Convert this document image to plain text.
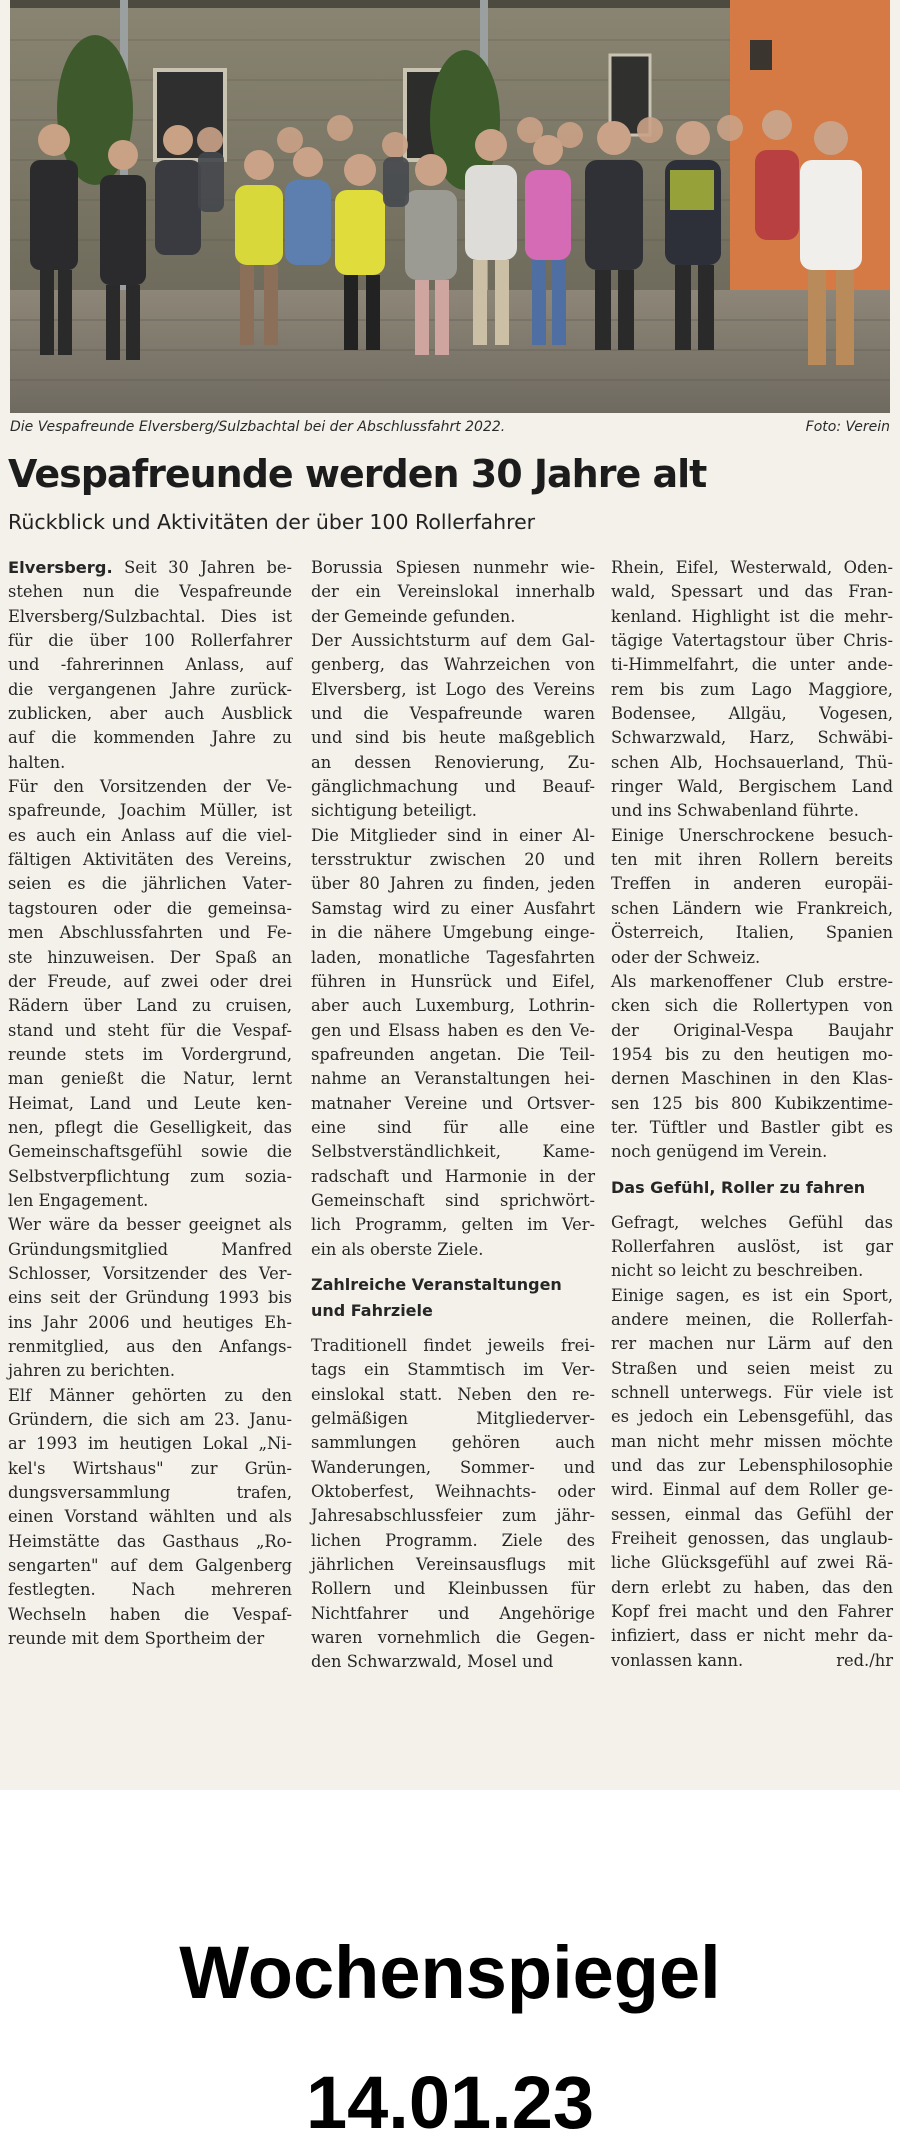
Die Vespafreunde Elversberg/Sulzbachtal bei der Abschlussfahrt 2022.	Foto: Verein
Vespafreunde werden 30 Jahre alt
Rückblick und Aktivitäten der über 100 Rollerfahrer
Elversberg. Seit 30 Jahren be-
stehen nun die Vespafreunde
Elversberg/Sulzbachtal. Dies ist
für die über 100 Rollerfahrer
und -fahrerinnen Anlass, auf
die vergangenen Jahre zurück-
zublicken, aber auch Ausblick
auf die kommenden Jahre zu
halten.
Für den Vorsitzenden der Ve-
spafreunde, Joachim Müller, ist
es auch ein Anlass auf die viel-
fältigen Aktivitäten des Vereins,
seien es die jährlichen Vater-
tagstouren oder die gemeinsa-
men Abschlussfahrten und Fe-
ste hinzuweisen. Der Spaß an
der Freude, auf zwei oder drei
Rädern über Land zu cruisen,
stand und steht für die Vespaf-
reunde stets im Vordergrund,
man genießt die Natur, lernt
Heimat, Land und Leute ken-
nen, pflegt die Geselligkeit, das
Gemeinschaftsgefühl sowie die
Selbstverpflichtung zum sozia-
len Engagement.
Wer wäre da besser geeignet als
Gründungsmitglied Manfred
Schlosser, Vorsitzender des Ver-
eins seit der Gründung 1993 bis
ins Jahr 2006 und heutiges Eh-
renmitglied, aus den Anfangs-
jahren zu berichten.
Elf Männer gehörten zu den
Gründern, die sich am 23. Janu-
ar 1993 im heutigen Lokal „Ni-
kel's Wirtshaus" zur Grün-
dungsversammlung trafen,
einen Vorstand wählten und als
Heimstätte das Gasthaus „Ro-
sengarten" auf dem Galgenberg
festlegten. Nach mehreren
Wechseln haben die Vespaf-
reunde mit dem Sportheim der
Borussia Spiesen nunmehr wie-
der ein Vereinslokal innerhalb
der Gemeinde gefunden.
Der Aussichtsturm auf dem Gal-
genberg, das Wahrzeichen von
Elversberg, ist Logo des Vereins
und die Vespafreunde waren
und sind bis heute maßgeblich
an dessen Renovierung, Zu-
gänglichmachung und Beauf-
sichtigung beteiligt.
Die Mitglieder sind in einer Al-
tersstruktur zwischen 20 und
über 80 Jahren zu finden, jeden
Samstag wird zu einer Ausfahrt
in die nähere Umgebung einge-
laden, monatliche Tagesfahrten
führen in Hunsrück und Eifel,
aber auch Luxemburg, Lothrin-
gen und Elsass haben es den Ve-
spafreunden angetan. Die Teil-
nahme an Veranstaltungen hei-
matnaher Vereine und Ortsver-
eine sind für alle eine
Selbstverständlichkeit, Kame-
radschaft und Harmonie in der
Gemeinschaft sind sprichwört-
lich Programm, gelten im Ver-
ein als oberste Ziele.
Zahlreiche Veranstaltungen
und Fahrziele
Traditionell findet jeweils frei-
tags ein Stammtisch im Ver-
einslokal statt. Neben den re-
gelmäßigen Mitgliederver-
sammlungen gehören auch
Wanderungen, Sommer- und
Oktoberfest, Weihnachts- oder
Jahresabschlussfeier zum jähr-
lichen Programm. Ziele des
jährlichen Vereinsausflugs mit
Rollern und Kleinbussen für
Nichtfahrer und Angehörige
waren vornehmlich die Gegen-
den Schwarzwald, Mosel und
Rhein, Eifel, Westerwald, Oden-
wald, Spessart und das Fran-
kenland. Highlight ist die mehr-
tägige Vatertagstour über Chris-
ti-Himmelfahrt, die unter ande-
rem bis zum Lago Maggiore,
Bodensee, Allgäu, Vogesen,
Schwarzwald, Harz, Schwäbi-
schen Alb, Hochsauerland, Thü-
ringer Wald, Bergischem Land
und ins Schwabenland führte.
Einige Unerschrockene besuch-
ten mit ihren Rollern bereits
Treffen in anderen europäi-
schen Ländern wie Frankreich,
Österreich, Italien, Spanien
oder der Schweiz.
Als markenoffener Club erstre-
cken sich die Rollertypen von
der Original-Vespa Baujahr
1954 bis zu den heutigen mo-
dernen Maschinen in den Klas-
sen 125 bis 800 Kubikzentime-
ter. Tüftler und Bastler gibt es
noch genügend im Verein.
Das Gefühl, Roller zu fahren
Gefragt, welches Gefühl das
Rollerfahren auslöst, ist gar
nicht so leicht zu beschreiben.
Einige sagen, es ist ein Sport,
andere meinen, die Rollerfah-
rer machen nur Lärm auf den
Straßen und seien meist zu
schnell unterwegs. Für viele ist
es jedoch ein Lebensgefühl, das
man nicht mehr missen möchte
und das zur Lebensphilosophie
wird. Einmal auf dem Roller ge-
sessen, einmal das Gefühl der
Freiheit genossen, das unglaub-
liche Glücksgefühl auf zwei Rä-
dern erlebt zu haben, das den
Kopf frei macht und den Fahrer
infiziert, dass er nicht mehr da-
vonlassen kann.	red./hr
Wochenspiegel
14.01.23
